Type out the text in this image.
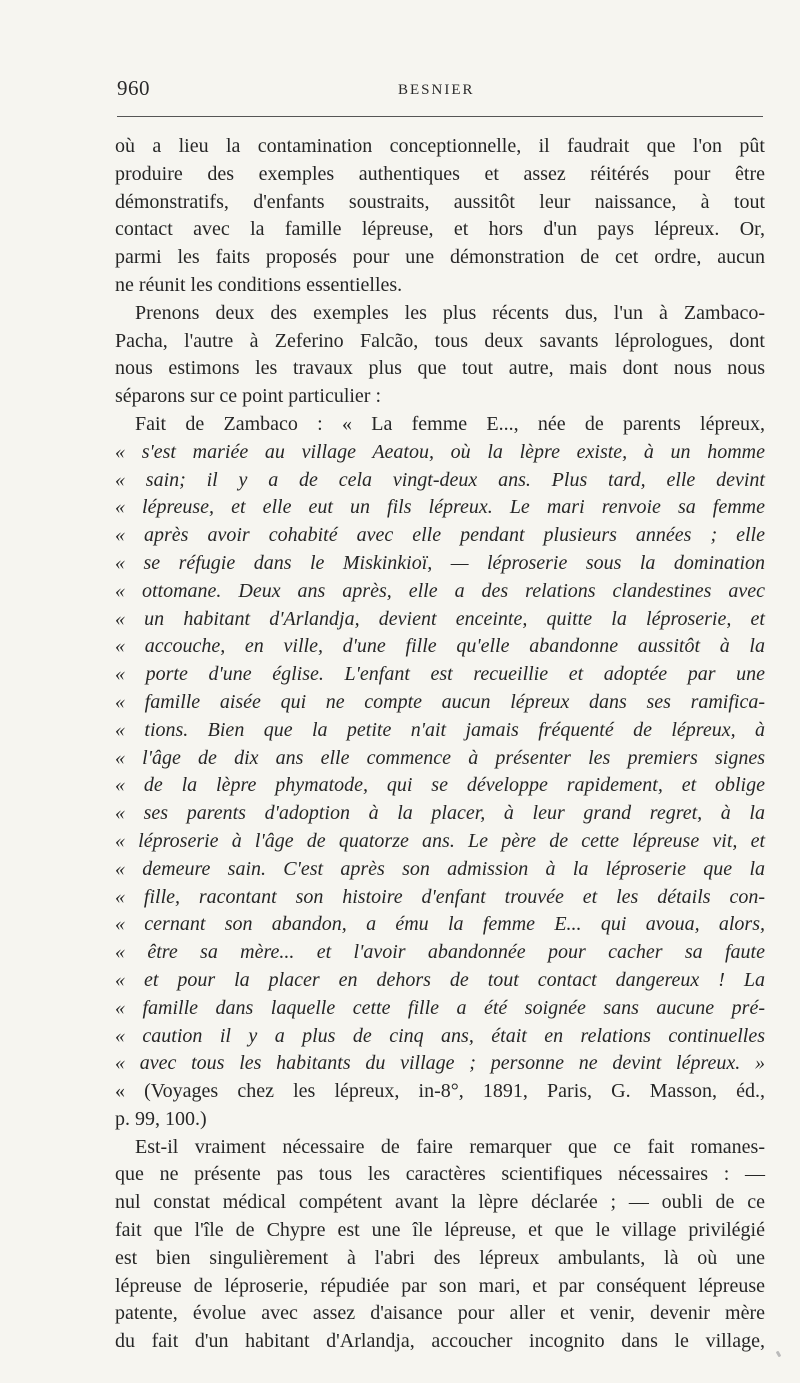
960	BESNIER
où a lieu la contamination conceptionnelle, il faudrait que l'on pût
produire des exemples authentiques et assez réitérés pour être
démonstratifs, d'enfants soustraits, aussitôt leur naissance, à tout
contact avec la famille lépreuse, et hors d'un pays lépreux. Or,
parmi les faits proposés pour une démonstration de cet ordre, aucun
ne réunit les conditions essentielles.
Prenons deux des exemples les plus récents dus, l'un à Zambaco-
Pacha, l'autre à Zeferino Falcão, tous deux savants léprologues, dont
nous estimons les travaux plus que tout autre, mais dont nous nous
séparons sur ce point particulier :
Fait de Zambaco : « La femme E..., née de parents lépreux,
« s'est mariée au village Aeatou, où la lèpre existe, à un homme
« sain; il y a de cela vingt-deux ans. Plus tard, elle devint
« lépreuse, et elle eut un fils lépreux. Le mari renvoie sa femme
« après avoir cohabité avec elle pendant plusieurs années ; elle
« se réfugie dans le Miskinkioï, — léproserie sous la domination
« ottomane. Deux ans après, elle a des relations clandestines avec
« un habitant d'Arlandja, devient enceinte, quitte la léproserie, et
« accouche, en ville, d'une fille qu'elle abandonne aussitôt à la
« porte d'une église. L'enfant est recueillie et adoptée par une
« famille aisée qui ne compte aucun lépreux dans ses ramifica-
« tions. Bien que la petite n'ait jamais fréquenté de lépreux, à
« l'âge de dix ans elle commence à présenter les premiers signes
« de la lèpre phymatode, qui se développe rapidement, et oblige
« ses parents d'adoption à la placer, à leur grand regret, à la
« léproserie à l'âge de quatorze ans. Le père de cette lépreuse vit, et
« demeure sain. C'est après son admission à la léproserie que la
« fille, racontant son histoire d'enfant trouvée et les détails con-
« cernant son abandon, a ému la femme E... qui avoua, alors,
« être sa mère... et l'avoir abandonnée pour cacher sa faute
« et pour la placer en dehors de tout contact dangereux ! La
« famille dans laquelle cette fille a été soignée sans aucune pré-
« caution il y a plus de cinq ans, était en relations continuelles
« avec tous les habitants du village ; personne ne devint lépreux. »
« (Voyages chez les lépreux, in-8°, 1891, Paris, G. Masson, éd.,
p. 99, 100.)
Est-il vraiment nécessaire de faire remarquer que ce fait romanes-
que ne présente pas tous les caractères scientifiques nécessaires : —
nul constat médical compétent avant la lèpre déclarée ; — oubli de ce
fait que l'île de Chypre est une île lépreuse, et que le village privilégié
est bien singulièrement à l'abri des lépreux ambulants, là où une
lépreuse de léproserie, répudiée par son mari, et par conséquent lépreuse
patente, évolue avec assez d'aisance pour aller et venir, devenir mère
du fait d'un habitant d'Arlandja, accoucher incognito dans le village,
